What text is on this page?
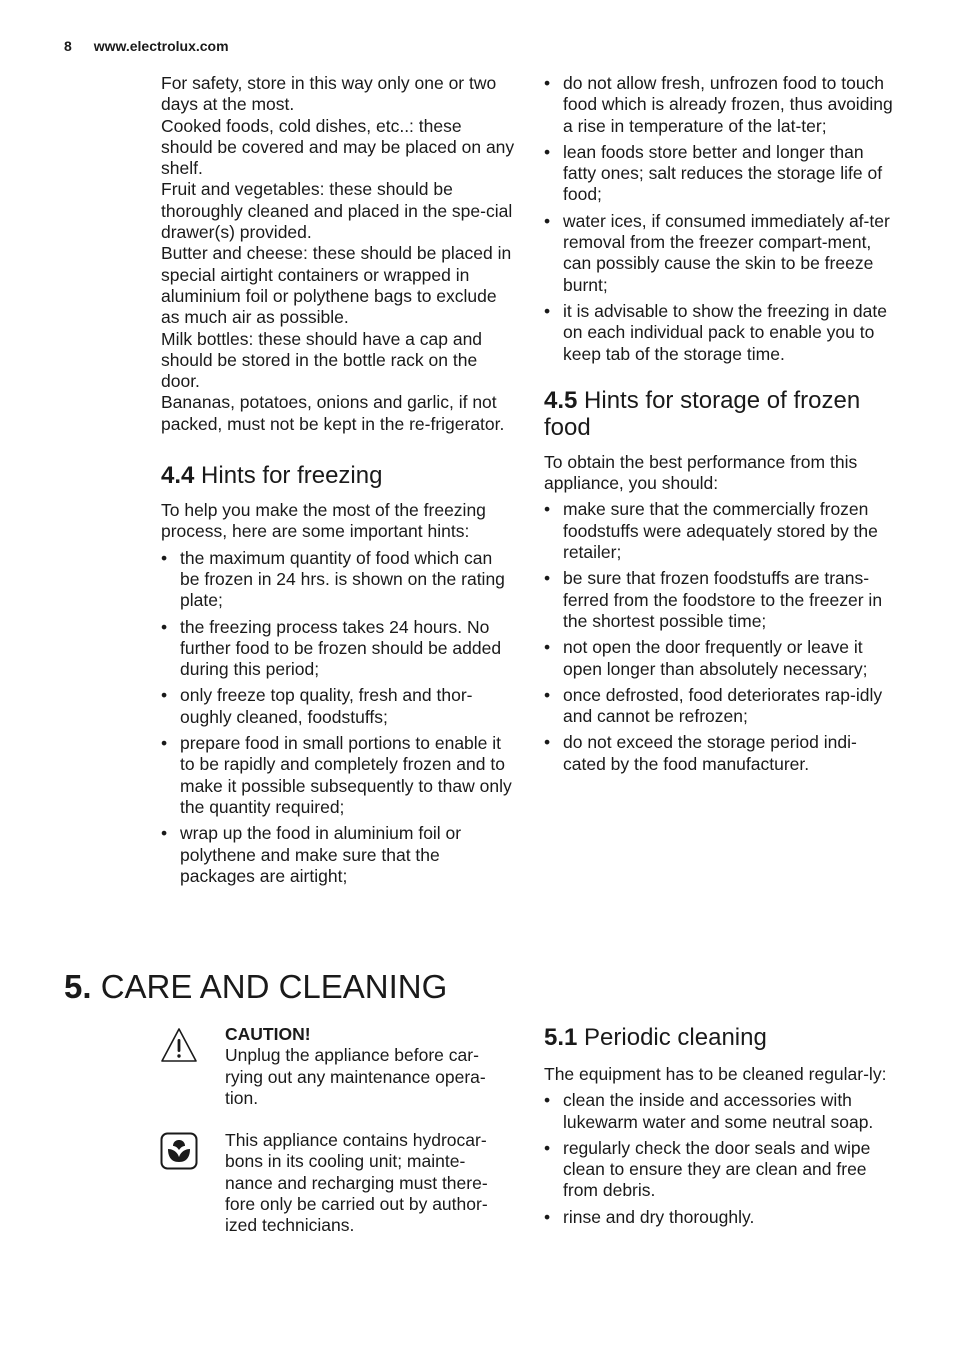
8 www.electrolux.com

For safety, store in this way only one or two days at the most.

Cooked foods, cold dishes, etc..: these should be covered and may be placed on any shelf.

Fruit and vegetables: these should be thoroughly cleaned and placed in the spe-cial drawer(s) provided.

Butter and cheese: these should be placed in special airtight containers or wrapped in aluminium foil or polythene bags to exclude as much air as possible.

Milk bottles: these should have a cap and should be stored in the bottle rack on the door.

Bananas, potatoes, onions and garlic, if not packed, must not be kept in the re-frigerator.

4.4 Hints for freezing

To help you make the most of the freezing process, here are some important hints:

• the maximum quantity of food which can be frozen in 24 hrs. is shown on the rating plate;
• the freezing process takes 24 hours. No further food to be frozen should be added during this period;
• only freeze top quality, fresh and thor-oughly cleaned, foodstuffs;
• prepare food in small portions to enable it to be rapidly and completely frozen and to make it possible subsequently to thaw only the quantity required;
• wrap up the food in aluminium foil or polythene and make sure that the packages are airtight;
• do not allow fresh, unfrozen food to touch food which is already frozen, thus avoiding a rise in temperature of the lat-ter;
• lean foods store better and longer than fatty ones; salt reduces the storage life of food;
• water ices, if consumed immediately af-ter removal from the freezer compart-ment, can possibly cause the skin to be freeze burnt;
• it is advisable to show the freezing in date on each individual pack to enable you to keep tab of the storage time.
4.5 Hints for storage of frozen food

To obtain the best performance from this appliance, you should:

• make sure that the commercially frozen foodstuffs were adequately stored by the retailer;
• be sure that frozen foodstuffs are trans-ferred from the foodstore to the freezer in the shortest possible time;
• not open the door frequently or leave it open longer than absolutely necessary;
• once defrosted, food deteriorates rap-idly and cannot be refrozen;
• do not exceed the storage period indi-cated by the food manufacturer.
5. CARE AND CLEANING

CAUTION!

Unplug the appliance before car-rying out any maintenance opera-tion.

This appliance contains hydrocar-bons in its cooling unit; mainte-nance and recharging must there-fore only be carried out by author-ized technicians.

5.1 Periodic cleaning

The equipment has to be cleaned regular-ly:

• clean the inside and accessories with lukewarm water and some neutral soap.
• regularly check the door seals and wipe clean to ensure they are clean and free from debris.
• rinse and dry thoroughly.
